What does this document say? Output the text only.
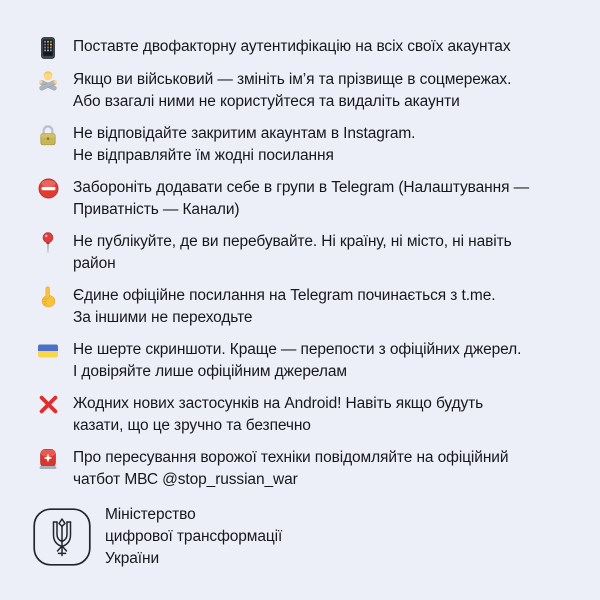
Поставте двофакторну аутентифікацію на всіх своїх акаунтах
Якщо ви військовий — змініть ім’я та прізвище в соцмережах.
Або взагалі ними не користуйтеся та видаліть акаунти
Не відповідайте закритим акаунтам в Instagram.
Не відправляйте їм жодні посилання
Забороніть додавати себе в групи в Telegram (Налаштування —
Приватність — Канали)
Не публікуйте, де ви перебувайте. Ні країну, ні місто, ні навіть
район
Єдине офіційне посилання на Telegram починається з t.me.
За іншими не переходьте
Не шерте скриншоти. Краще — перепости з офіційних джерел.
І довіряйте лише офіційним джерелам
Жодних нових застосунків на Android! Навіть якщо будуть
казати, що це зручно та безпечно
Про пересування ворожої техніки повідомляйте на офіційний
чатбот МВС @stop_russian_war
Міністерство
цифрової трансформації
України
